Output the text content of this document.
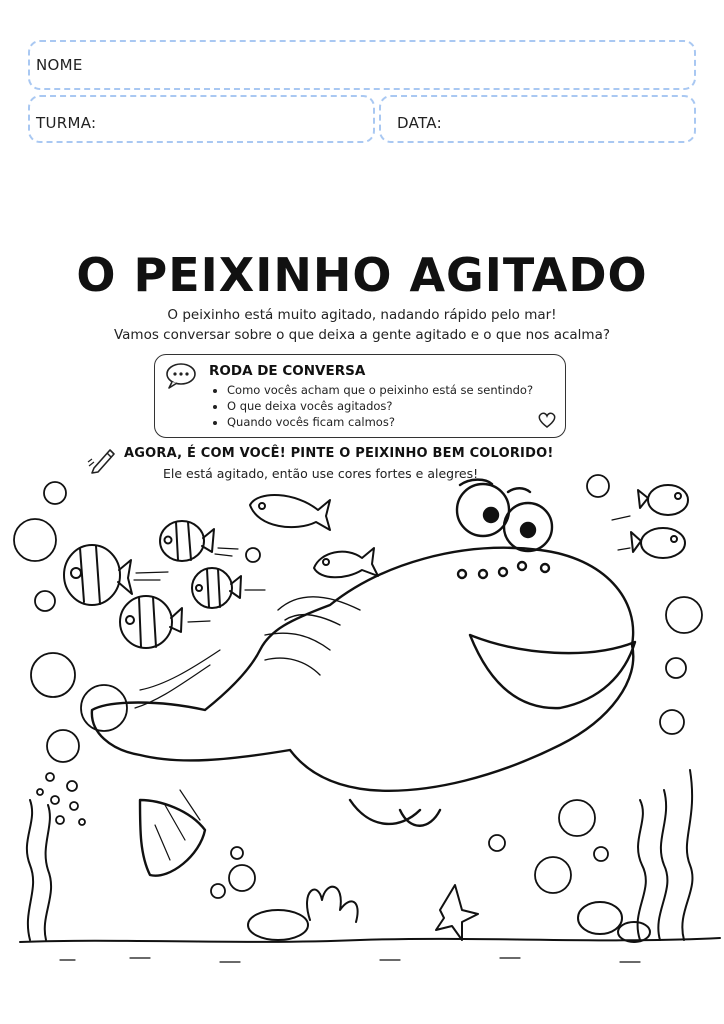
NOME
TURMA:	DATA:
O PEIXINHO AGITADO
O peixinho está muito agitado, nadando rápido pelo mar!
Vamos conversar sobre o que deixa a gente agitado e o que nos acalma?
RODA DE CONVERSA
• Como vocês acham que o peixinho está se sentindo?
• O que deixa vocês agitados?
• Quando vocês ficam calmos?
AGORA, É COM VOCÊ! PINTE O PEIXINHO BEM COLORIDO!
Ele está agitado, então use cores fortes e alegres!
